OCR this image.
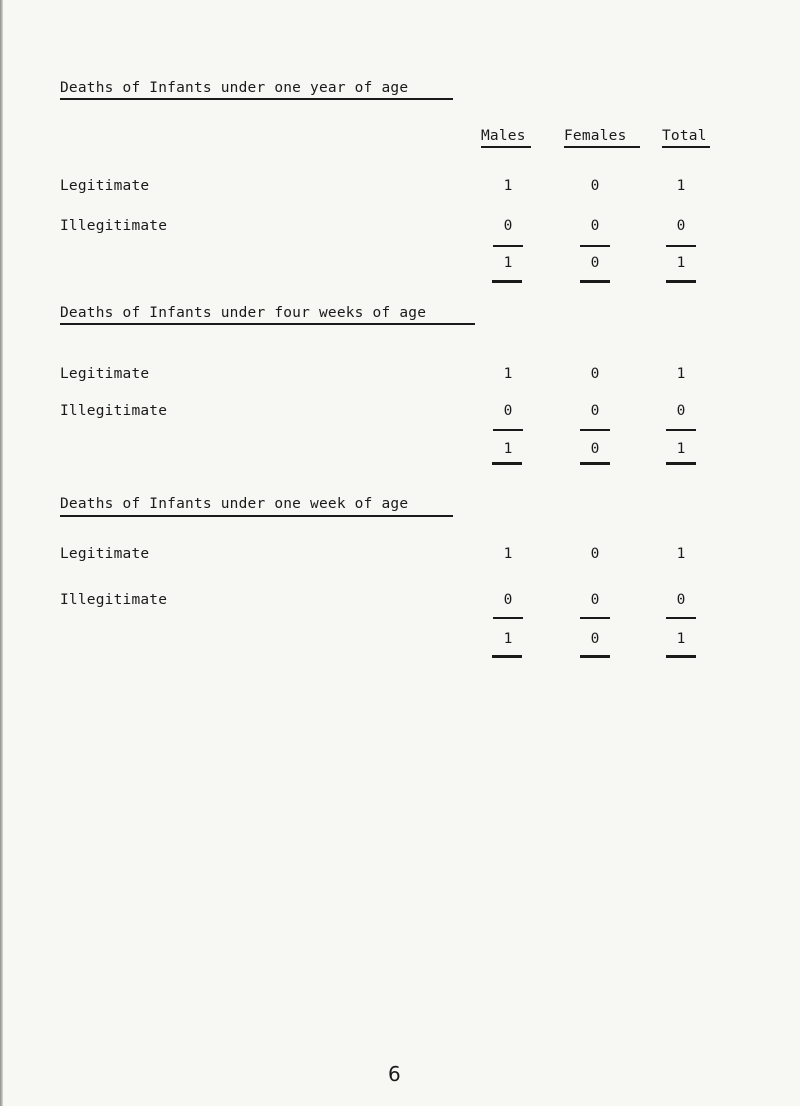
Deaths of Infants under one year of age
Males	Females Total
Legitimate	1	0	1
Illegitimate	0	0	0
1	0	1
Deaths of Infants under four weeks of age
Legitimate	1	0	1
Illegitimate	0	0	0
1	0	1
Deaths of Infants under one week of age
Legitimate	1	0	1
Illegitimate	0	0	0
1	0	1
6
